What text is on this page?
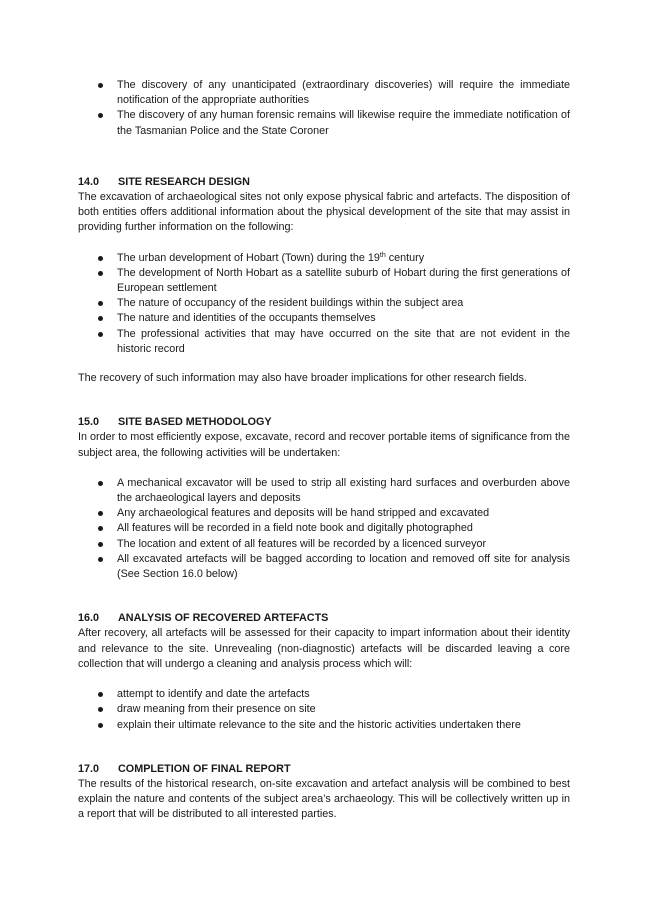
The discovery of any unanticipated (extraordinary discoveries) will require the immediate notification of the appropriate authorities
The discovery of any human forensic remains will likewise require the immediate notification of the Tasmanian Police and the State Coroner

14.0 SITE RESEARCH DESIGN

The excavation of archaeological sites not only expose physical fabric and artefacts. The disposition of both entities offers additional information about the physical development of the site that may assist in providing further information on the following:

The urban development of Hobart (Town) during the 19th century
The development of North Hobart as a satellite suburb of Hobart during the first generations of European settlement
The nature of occupancy of the resident buildings within the subject area
The nature and identities of the occupants themselves
The professional activities that may have occurred on the site that are not evident in the historic record

The recovery of such information may also have broader implications for other research fields.

15.0 SITE BASED METHODOLOGY

In order to most efficiently expose, excavate, record and recover portable items of significance from the subject area, the following activities will be undertaken:

A mechanical excavator will be used to strip all existing hard surfaces and overburden above the archaeological layers and deposits
Any archaeological features and deposits will be hand stripped and excavated
All features will be recorded in a field note book and digitally photographed
The location and extent of all features will be recorded by a licenced surveyor
All excavated artefacts will be bagged according to location and removed off site for analysis (See Section 16.0 below)

16.0 ANALYSIS OF RECOVERED ARTEFACTS

After recovery, all artefacts will be assessed for their capacity to impart information about their identity and relevance to the site. Unrevealing (non-diagnostic) artefacts will be discarded leaving a core collection that will undergo a cleaning and analysis process which will:

attempt to identify and date the artefacts
draw meaning from their presence on site
explain their ultimate relevance to the site and the historic activities undertaken there

17.0 COMPLETION OF FINAL REPORT

The results of the historical research, on-site excavation and artefact analysis will be combined to best explain the nature and contents of the subject area’s archaeology. This will be collectively written up in a report that will be distributed to all interested parties.
